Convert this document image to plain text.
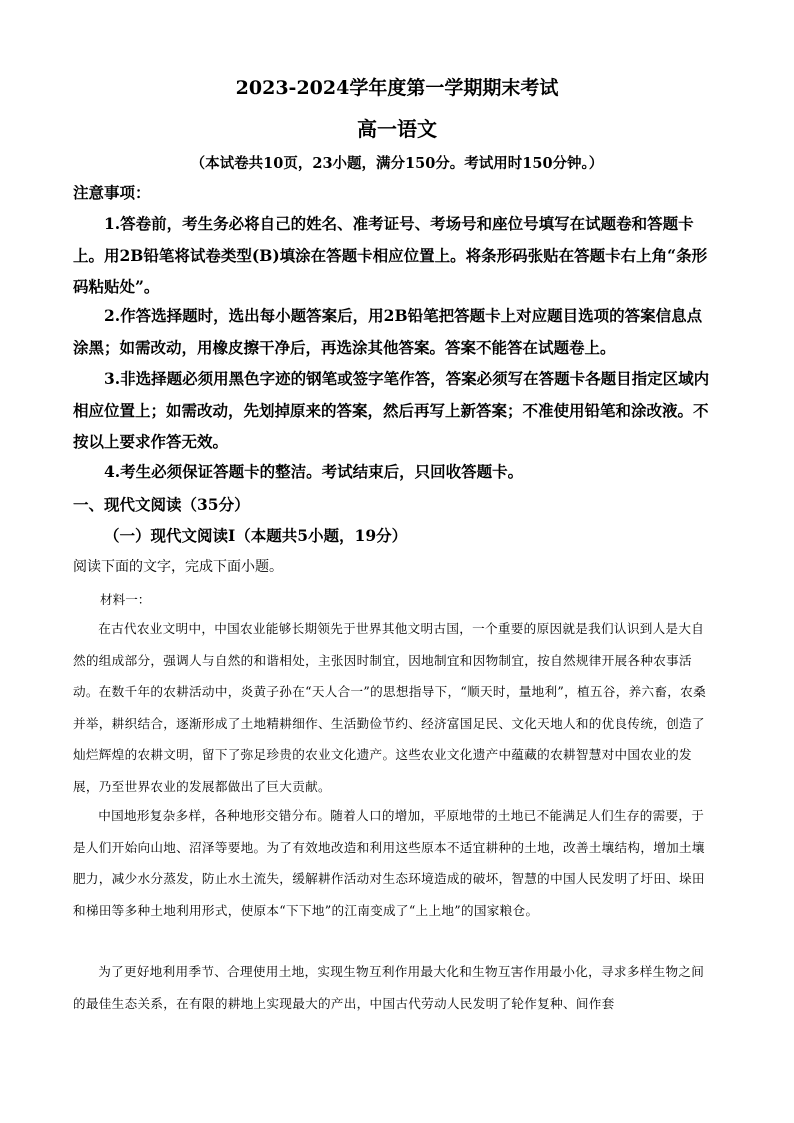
2023-2024学年度第一学期期末考试
高一语文
（本试卷共10页，23小题，满分150分。考试用时150分钟。）
注意事项：
1.答卷前，考生务必将自己的姓名、准考证号、考场号和座位号填写在试题卷和答题卡上。用2B铅笔将试卷类型(B)填涂在答题卡相应位置上。将条形码张贴在答题卡右上角“条形码粘贴处”。
2.作答选择题时，选出每小题答案后，用2B铅笔把答题卡上对应题目选项的答案信息点涂黑；如需改动，用橡皮擦干净后，再选涂其他答案。答案不能答在试题卷上。
3.非选择题必须用黑色字迹的钢笔或签字笔作答，答案必须写在答题卡各题目指定区域内相应位置上；如需改动，先划掉原来的答案，然后再写上新答案；不准使用铅笔和涂改液。不按以上要求作答无效。
4.考生必须保证答题卡的整洁。考试结束后，只回收答题卡。
一、现代文阅读（35分）
（一）现代文阅读Ⅰ（本题共5小题，19分）
阅读下面的文字，完成下面小题。
材料一：
在古代农业文明中，中国农业能够长期领先于世界其他文明古国，一个重要的原因就是我们认识到人是大自然的组成部分，强调人与自然的和谐相处，主张因时制宜，因地制宜和因物制宜，按自然规律开展各种农事活动。在数千年的农耕活动中，炎黄子孙在“天人合一”的思想指导下，“顺天时，量地利”，植五谷，养六畜，农桑并举，耕织结合，逐渐形成了土地精耕细作、生活勤俭节约、经济富国足民、文化天地人和的优良传统，创造了灿烂辉煌的农耕文明，留下了弥足珍贵的农业文化遗产。这些农业文化遗产中蕴藏的农耕智慧对中国农业的发展，乃至世界农业的发展都做出了巨大贡献。
中国地形复杂多样，各种地形交错分布。随着人口的增加，平原地带的土地已不能满足人们生存的需要，于是人们开始向山地、沼泽等要地。为了有效地改造和利用这些原本不适宜耕种的土地，改善土壤结构，增加土壤肥力，减少水分蒸发，防止水土流失，缓解耕作活动对生态环境造成的破坏，智慧的中国人民发明了圩田、垛田和梯田等多种土地利用形式，使原本“下下地”的江南变成了“上上地”的国家粮仓。
为了更好地利用季节、合理使用土地，实现生物互利作用最大化和生物互害作用最小化，寻求多样生物之间的最佳生态关系，在有限的耕地上实现最大的产出，中国古代劳动人民发明了轮作复种、间作套
